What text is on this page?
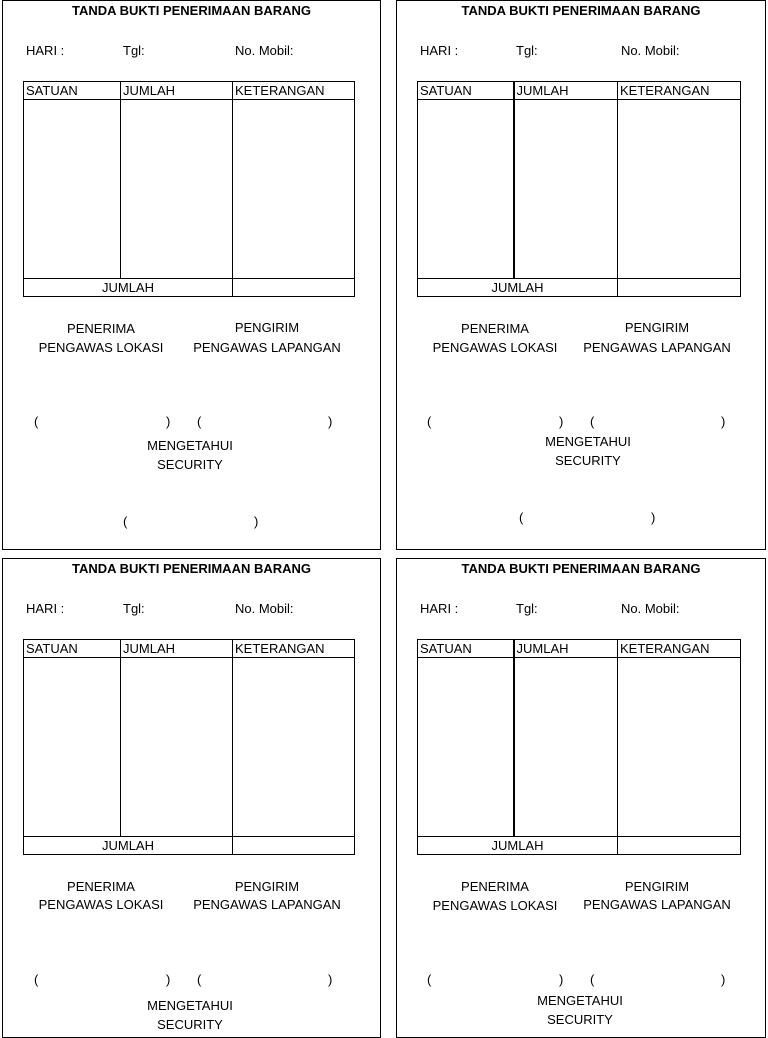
TANDA BUKTI PENERIMAAN BARANG
HARI :	Tgl:	No. Mobil:
SATUAN	JUMLAH	KETERANGAN

JUMLAH		
PENERIMA
PENGAWAS LOKASI
PENGIRIM
PENGAWAS LAPANGAN
(	) (	)
MENGETAHUI
SECURITY
(	)
TANDA BUKTI PENERIMAAN BARANG
HARI :	Tgl:	No. Mobil:
SATUAN	JUMLAH	KETERANGAN

JUMLAH		
PENERIMA
PENGAWAS LOKASI
PENGIRIM
PENGAWAS LAPANGAN
(	) (	)
MENGETAHUI
SECURITY
(	)
TANDA BUKTI PENERIMAAN BARANG
HARI :	Tgl:	No. Mobil:
SATUAN	JUMLAH	KETERANGAN

JUMLAH		
PENERIMA
PENGAWAS LOKASI
PENGIRIM
PENGAWAS LAPANGAN
(	) (	)
MENGETAHUI
SECURITY
TANDA BUKTI PENERIMAAN BARANG
HARI :	Tgl:	No. Mobil:
SATUAN	JUMLAH	KETERANGAN

JUMLAH		
PENERIMA
PENGAWAS LOKASI
PENGIRIM
PENGAWAS LAPANGAN
(	) (	)
MENGETAHUI
SECURITY
